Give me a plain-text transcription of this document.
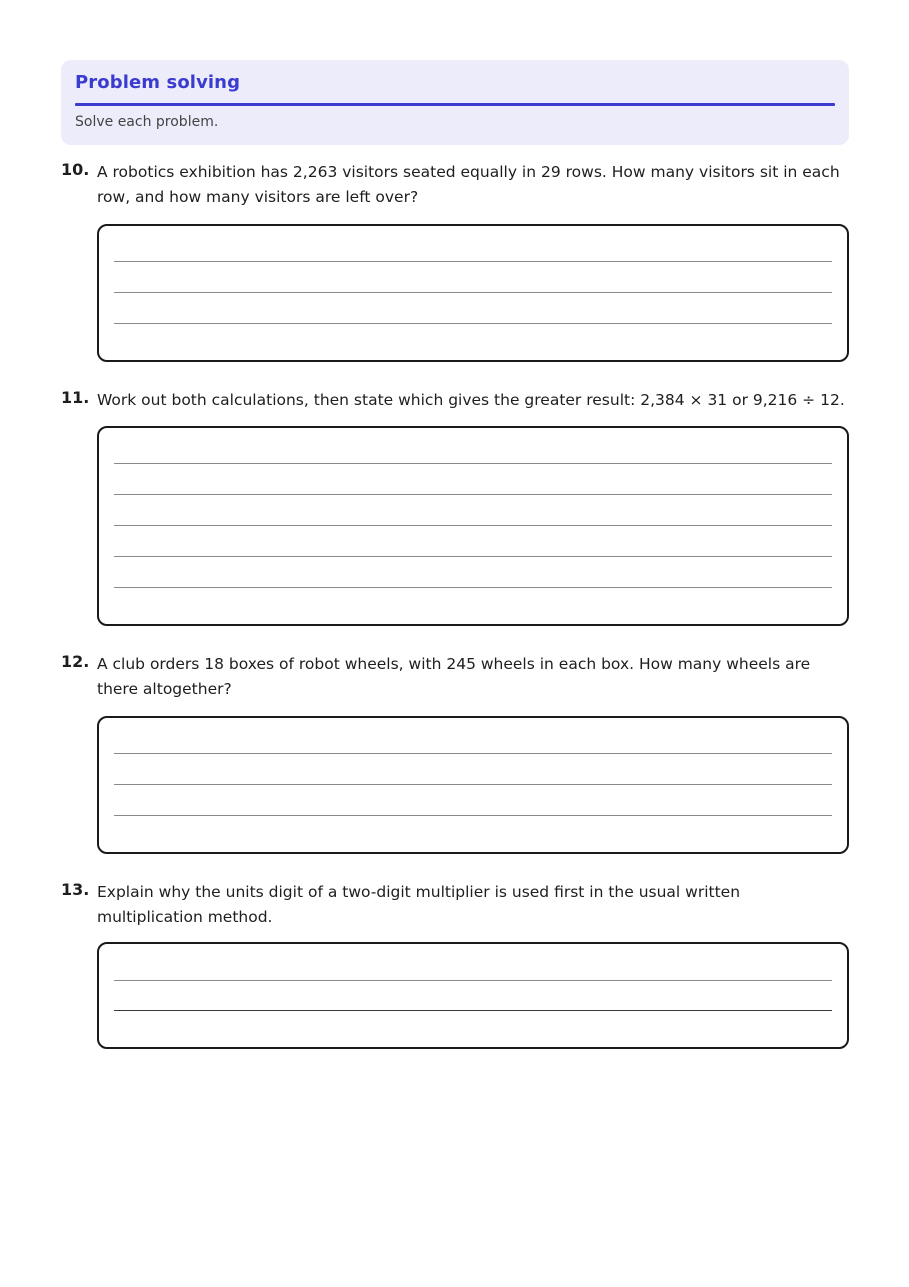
Problem solving
Solve each problem.
10. A robotics exhibition has 2,263 visitors seated equally in 29 rows. How many visitors sit in each row, and how many visitors are left over?
11. Work out both calculations, then state which gives the greater result: 2,384 × 31 or 9,216 ÷ 12.
12. A club orders 18 boxes of robot wheels, with 245 wheels in each box. How many wheels are there altogether?
13. Explain why the units digit of a two-digit multiplier is used first in the usual written multiplication method.
